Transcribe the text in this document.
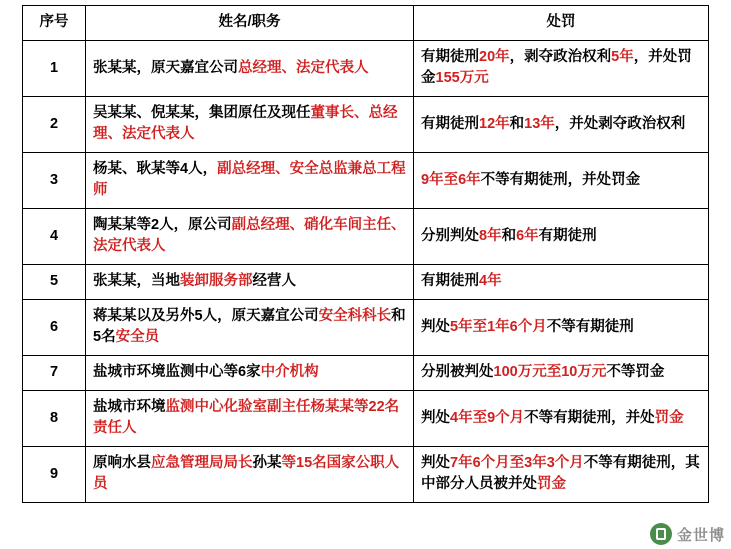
序号	姓名/职务	处罚
1	张某某，原天嘉宜公司总经理、法定代表人	有期徒刑20年，剥夺政治权利5年，并处罚金155万元
2	吴某某、倪某某，集团原任及现任董事长、总经理、法定代表人	有期徒刑12年和13年，并处剥夺政治权利
3	杨某、耿某等4人，副总经理、安全总监兼总工程师	9年至6年不等有期徒刑，并处罚金
4	陶某某等2人，原公司副总经理、硝化车间主任、法定代表人	分别判处8年和6年有期徒刑
5	张某某，当地装卸服务部经营人	有期徒刑4年
6	蒋某某以及另外5人，原天嘉宜公司安全科科长和5名安全员	判处5年至1年6个月不等有期徒刑
7	盐城市环境监测中心等6家中介机构	分别被判处100万元至10万元不等罚金
8	盐城市环境监测中心化验室副主任杨某某等22名责任人	判处4年至9个月不等有期徒刑，并处罚金
9	原响水县应急管理局局长孙某等15名国家公职人员	判处7年6个月至3年3个月不等有期徒刑，其中部分人员被并处罚金
金世博
